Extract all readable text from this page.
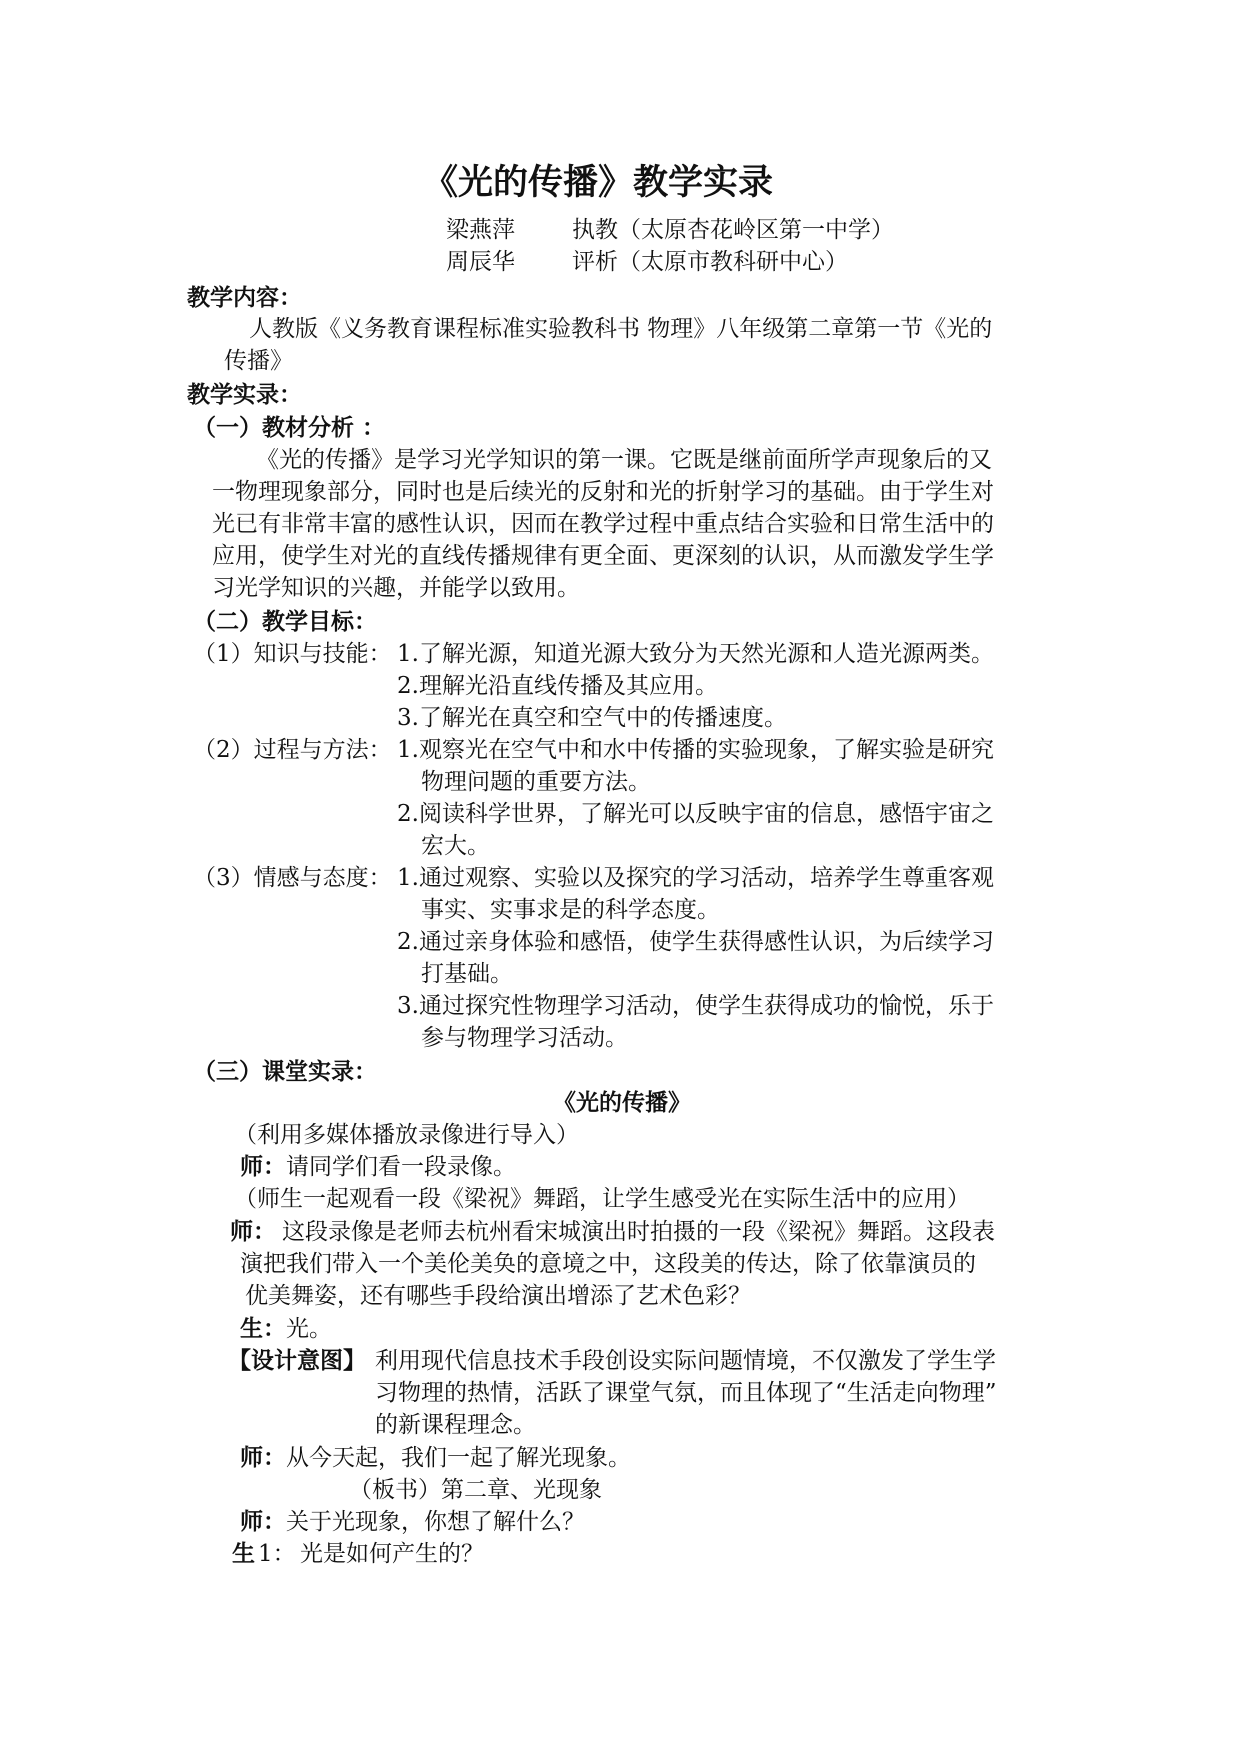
《光的传播》教学实录
梁燕萍 执教（太原杏花岭区第一中学）
周辰华 评析（太原市教科研中心）
教学内容：
人教版《义务教育课程标准实验教科书 物理》八年级第二章第一节《光的
传播》
教学实录：
（一）教材分析 ：
《光的传播》是学习光学知识的第一课。它既是继前面所学声现象后的又
一物理现象部分，同时也是后续光的反射和光的折射学习的基础。由于学生对
光已有非常丰富的感性认识，因而在教学过程中重点结合实验和日常生活中的
应用，使学生对光的直线传播规律有更全面、更深刻的认识，从而激发学生学
习光学知识的兴趣，并能学以致用。
（二）教学目标：
（1）知识与技能： 1.了解光源，知道光源大致分为天然光源和人造光源两类。
2.理解光沿直线传播及其应用。
3.了解光在真空和空气中的传播速度。
（2）过程与方法： 1.观察光在空气中和水中传播的实验现象，了解实验是研究
物理问题的重要方法。
2.阅读科学世界，了解光可以反映宇宙的信息，感悟宇宙之
宏大。
（3）情感与态度： 1.通过观察、实验以及探究的学习活动，培养学生尊重客观
事实、实事求是的科学态度。
2.通过亲身体验和感悟，使学生获得感性认识，为后续学习
打基础。
3.通过探究性物理学习活动，使学生获得成功的愉悦，乐于
参与物理学习活动。
（三）课堂实录：
《光的传播》
（利用多媒体播放录像进行导入）
师： 请同学们看一段录像。
（师生一起观看一段《梁祝》舞蹈，让学生感受光在实际生活中的应用）
师： 这段录像是老师去杭州看宋城演出时拍摄的一段《梁祝》舞蹈。这段表
演把我们带入一个美伦美奂的意境之中，这段美的传达，除了依靠演员的
优美舞姿，还有哪些手段给演出增添了艺术色彩？
生： 光。
【设计意图】 利用现代信息技术手段创设实际问题情境，不仅激发了学生学
习物理的热情，活跃了课堂气氛，而且体现了“生活走向物理”
的新课程理念。
师： 从今天起，我们一起了解光现象。
（板书）第二章、光现象
师： 关于光现象，你想了解什么？
生 1： 光是如何产生的？
